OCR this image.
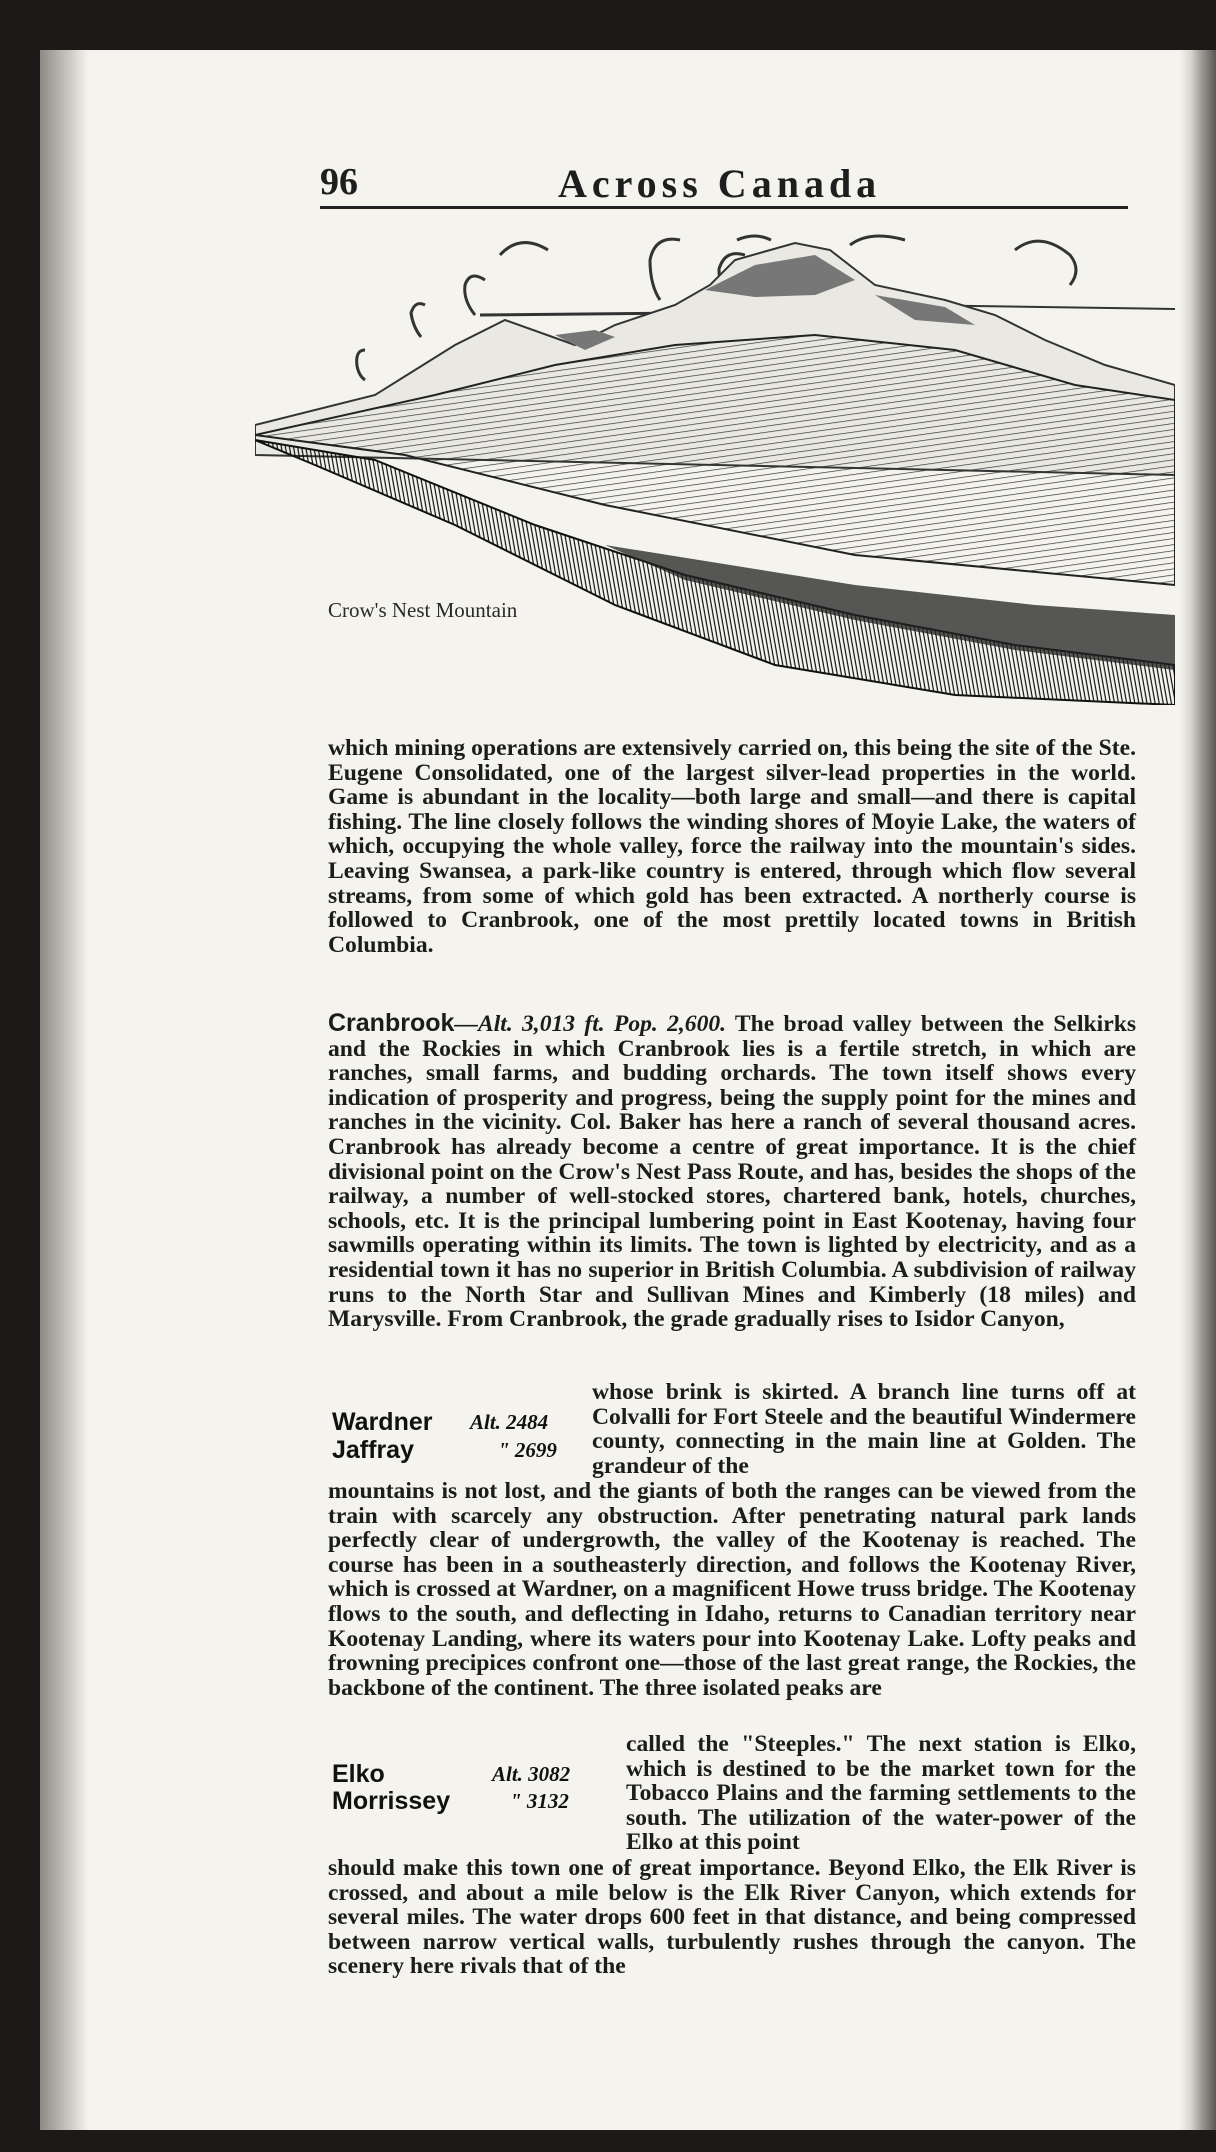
96	Across Canada
Crow's Nest Mountain
which mining operations are extensively carried on, this being the site of the Ste. Eugene Consolidated, one of the largest silver-lead properties in the world. Game is abundant in the locality—both large and small—and there is capital fishing. The line closely follows the winding shores of Moyie Lake, the waters of which, occupying the whole valley, force the railway into the mountain's sides. Leaving Swansea, a park-like country is entered, through which flow several streams, from some of which gold has been extracted. A northerly course is followed to Cranbrook, one of the most prettily located towns in British Columbia.
Cranbrook—Alt. 3,013 ft. Pop. 2,600. The broad valley between the Selkirks and the Rockies in which Cranbrook lies is a fertile stretch, in which are ranches, small farms, and budding orchards. The town itself shows every indication of prosperity and progress, being the supply point for the mines and ranches in the vicinity. Col. Baker has here a ranch of several thousand acres. Cranbrook has already become a centre of great importance. It is the chief divisional point on the Crow's Nest Pass Route, and has, besides the shops of the railway, a number of well-stocked stores, chartered bank, hotels, churches, schools, etc. It is the principal lumbering point in East Kootenay, having four sawmills operating within its limits. The town is lighted by electricity, and as a residential town it has no superior in British Columbia. A subdivision of railway runs to the North Star and Sullivan Mines and Kimberly (18 miles) and Marysville. From Cranbrook, the grade gradually rises to Isidor Canyon,
Wardner Alt. 2484
Jaffray	" 2699
whose brink is skirted. A branch line turns off at Colvalli for Fort Steele and the beautiful Windermere county, connecting in the main line at Golden. The grandeur of the
mountains is not lost, and the giants of both the ranges can be viewed from the train with scarcely any obstruction. After penetrating natural park lands perfectly clear of undergrowth, the valley of the Kootenay is reached. The course has been in a southeasterly direction, and follows the Kootenay River, which is crossed at Wardner, on a magnificent Howe truss bridge. The Kootenay flows to the south, and deflecting in Idaho, returns to Canadian territory near Kootenay Landing, where its waters pour into Kootenay Lake. Lofty peaks and frowning precipices confront one—those of the last great range, the Rockies, the backbone of the continent. The three isolated peaks are
Elko	Alt. 3082
Morrissey	" 3132
called the "Steeples." The next station is Elko, which is destined to be the market town for the Tobacco Plains and the farming settlements to the south. The utilization of the water-power of the Elko at this point
should make this town one of great importance. Beyond Elko, the Elk River is crossed, and about a mile below is the Elk River Canyon, which extends for several miles. The water drops 600 feet in that distance, and being compressed between narrow vertical walls, turbulently rushes through the canyon. The scenery here rivals that of the
